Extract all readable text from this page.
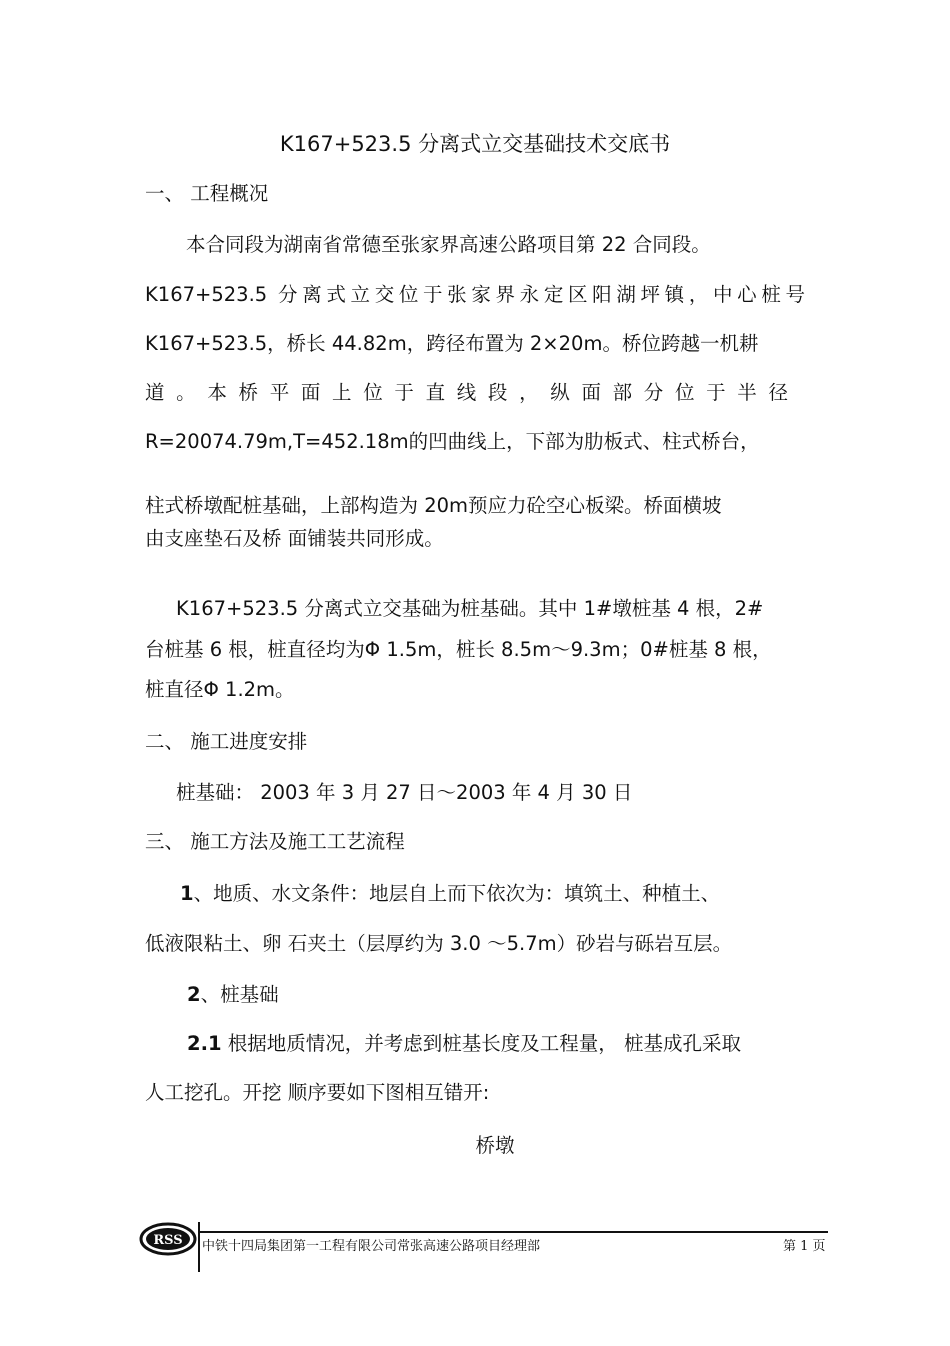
K167+523.5 分离式立交基础技术交底书
一、 工程概况
本合同段为湖南省常德至张家界高速公路项目第 22 合同段。
K167+523.5 分离式立交位于张家界永定区阳湖坪镇，中心桩号
K167+523.5，桥长 44.82m，跨径布置为 2×20m。桥位跨越一机耕
道。本桥平面上位于直线段，纵面部分位于半径
R=20074.79m,T=452.18m的凹曲线上，下部为肋板式、柱式桥台，
柱式桥墩配桩基础，上部构造为 20m预应力砼空心板梁。桥面横坡
由支座垫石及桥 面铺装共同形成。
K167+523.5 分离式立交基础为桩基础。其中 1#墩桩基 4 根，2#
台桩基 6 根，桩直径均为Φ 1.5m，桩长 8.5m～9.3m；0#桩基 8 根，
桩直径Φ 1.2m。
二、 施工进度安排
桩基础： 2003 年 3 月 27 日～2003 年 4 月 30 日
三、 施工方法及施工工艺流程
1、地质、水文条件：地层自上而下依次为：填筑土、种植土、
低液限粘土、卵 石夹土（层厚约为 3.0 ～5.7m）砂岩与砾岩互层。
2、桩基础
2.1 根据地质情况，并考虑到桩基长度及工程量， 桩基成孔采取
人工挖孔。开挖 顺序要如下图相互错开:
桥墩
RSS 中铁十四局集团第一工程有限公司常张高速公路项目经理部	第 1 页
